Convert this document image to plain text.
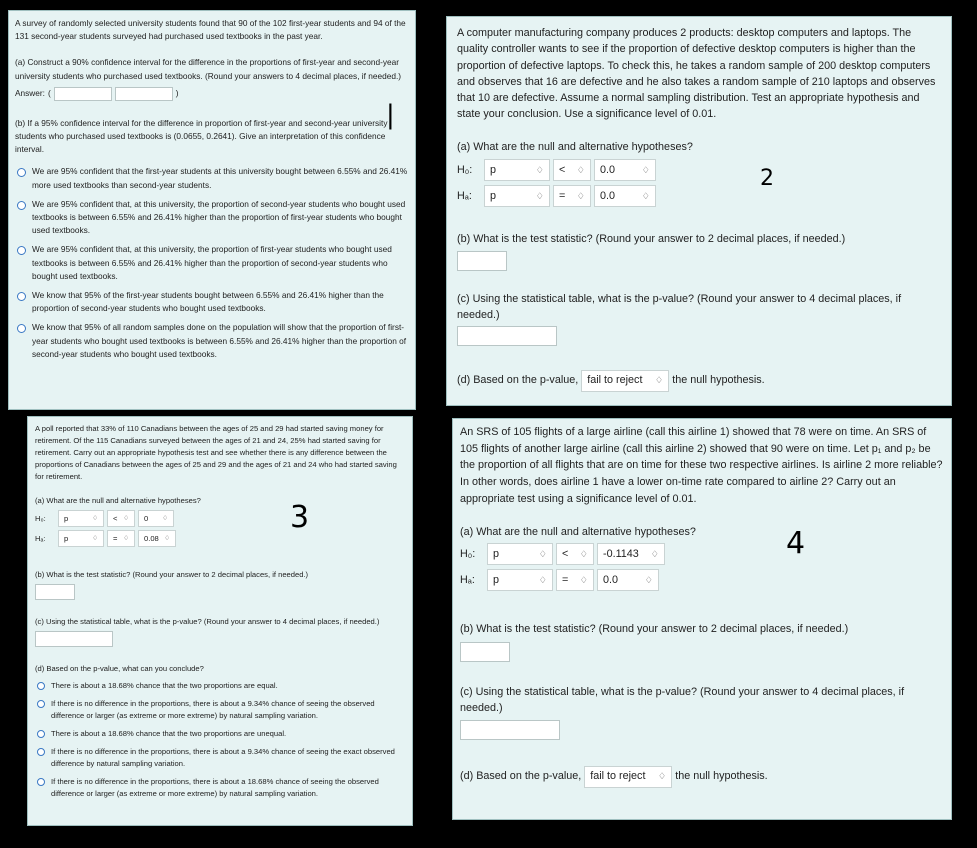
A survey of randomly selected university students found that 90 of the 102 first-year students and 94 of the 131 second-year students surveyed had purchased used textbooks in the past year.

(a) Construct a 90% confidence interval for the difference in the proportions of first-year and second-year university students who purchased used textbooks. (Round your answers to 4 decimal places, if needed.)

Answer: (	)

(b) If a 95% confidence interval for the difference in proportion of first-year and second-year university students who purchased used textbooks is (0.0655, 0.2641). Give an interpretation of this confidence interval.

We are 95% confident that the first-year students at this university bought between 6.55% and 26.41% more used textbooks than second-year students.
We are 95% confident that, at this university, the proportion of second-year students who bought used textbooks is between 6.55% and 26.41% higher than the proportion of first-year students who bought used textbooks.
We are 95% confident that, at this university, the proportion of first-year students who bought used textbooks is between 6.55% and 26.41% higher than the proportion of second-year students who bought used textbooks.
We know that 95% of the first-year students bought between 6.55% and 26.41% higher than the proportion of second-year students who bought used textbooks.
We know that 95% of all random samples done on the population will show that the proportion of first-year students who bought used textbooks is between 6.55% and 26.41% higher than the proportion of second-year students who bought used textbooks.

A computer manufacturing company produces 2 products: desktop computers and laptops. The quality controller wants to see if the proportion of defective desktop computers is higher than the proportion of defective laptops. To check this, he takes a random sample of 200 desktop computers and observes that 16 are defective and he also takes a random sample of 210 laptops and observes that 10 are defective. Assume a normal sampling distribution. Test an appropriate hypothesis and state your conclusion. Use a significance level of 0.01.

(a) What are the null and alternative hypotheses?

H₀:	p	♢ < ♢ 0.0	♢
Hₐ:	p	♢ = ♢ 0.0	♢

(b) What is the test statistic? (Round your answer to 2 decimal places, if needed.)

(c) Using the statistical table, what is the p-value? (Round your answer to 4 decimal places, if needed.)

(d) Based on the p-value, fail to reject ♢ the null hypothesis.

A poll reported that 33% of 110 Canadians between the ages of 25 and 29 had started saving money for retirement. Of the 115 Canadians surveyed between the ages of 21 and 24, 25% had started saving for retirement. Carry out an appropriate hypothesis test and see whether there is any difference between the proportions of Canadians between the ages of 25 and 29 and the ages of 21 and 24 who had started saving for retirement.

(a) What are the null and alternative hypotheses?

H₀:	p	♢ < ♢ 0 ♢
Hₐ:	p	♢ = ♢ 0.08 ♢

(b) What is the test statistic? (Round your answer to 2 decimal places, if needed.)

(c) Using the statistical table, what is the p-value? (Round your answer to 4 decimal places, if needed.)

(d) Based on the p-value, what can you conclude?

There is about a 18.68% chance that the two proportions are equal.
If there is no difference in the proportions, there is about a 9.34% chance of seeing the observed difference or larger (as extreme or more extreme) by natural sampling variation.
There is about a 18.68% chance that the two proportions are unequal.
If there is no difference in the proportions, there is about a 9.34% chance of seeing the exact observed difference by natural sampling variation.
If there is no difference in the proportions, there is about a 18.68% chance of seeing the observed difference or larger (as extreme or more extreme) by natural sampling variation.

An SRS of 105 flights of a large airline (call this airline 1) showed that 78 were on time. An SRS of 105 flights of another large airline (call this airline 2) showed that 90 were on time. Let p₁ and p₂ be the proportion of all flights that are on time for these two respective airlines. Is airline 2 more reliable? In other words, does airline 1 have a lower on-time rate compared to airline 2? Carry out an appropriate test using a significance level of 0.01.

(a) What are the null and alternative hypotheses?

H₀:	p	♢ < ♢ -0.1143 ♢
Hₐ:	p	♢ = ♢ 0.0	♢

(b) What is the test statistic? (Round your answer to 2 decimal places, if needed.)

(c) Using the statistical table, what is the p-value? (Round your answer to 4 decimal places, if needed.)

(d) Based on the p-value, fail to reject ♢ the null hypothesis.
|
2
3
4
